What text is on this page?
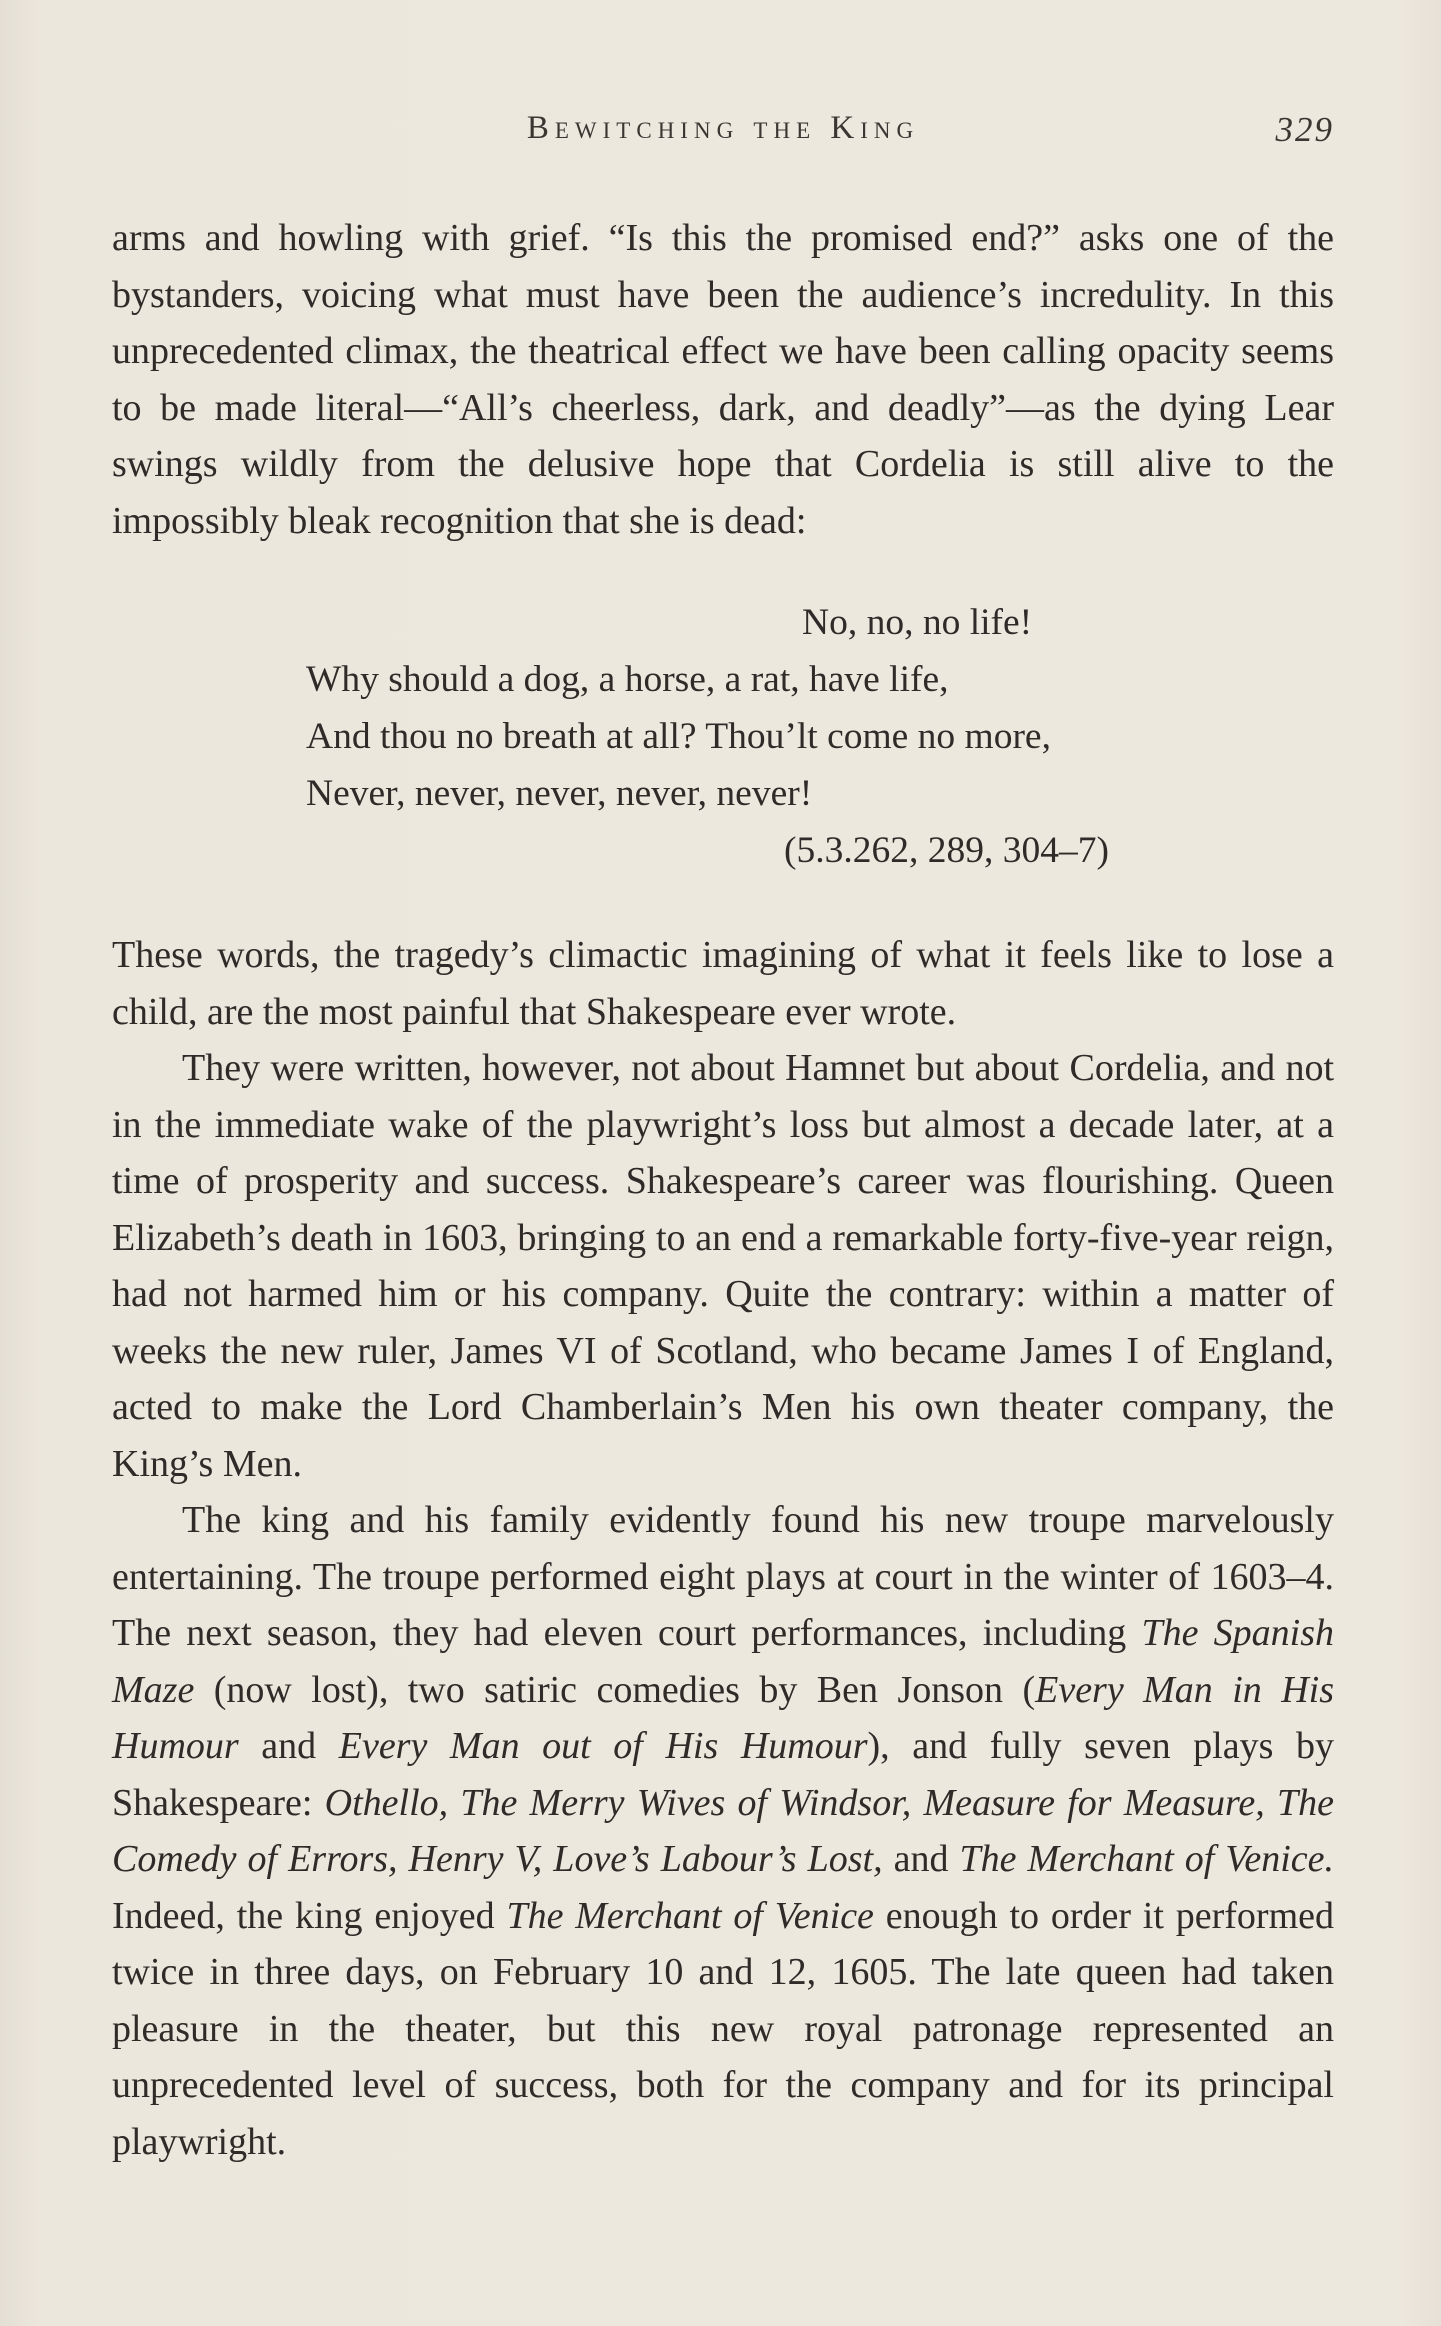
Bewitching the King	329

arms and howling with grief. “Is this the promised end?” asks one of the bystanders, voicing what must have been the audience’s incredulity. In this unprecedented climax, the theatrical effect we have been calling opacity seems to be made literal—“All’s cheerless, dark, and deadly”—as the dying Lear swings wildly from the delusive hope that Cordelia is still alive to the impossibly bleak recognition that she is dead:

No, no, no life!
Why should a dog, a horse, a rat, have life,
And thou no breath at all? Thou’lt come no more,
Never, never, never, never, never!
(5.3.262, 289, 304–7)

These words, the tragedy’s climactic imagining of what it feels like to lose a child, are the most painful that Shakespeare ever wrote.

They were written, however, not about Hamnet but about Cordelia, and not in the immediate wake of the playwright’s loss but almost a decade later, at a time of prosperity and success. Shakespeare’s career was flourishing. Queen Elizabeth’s death in 1603, bringing to an end a remarkable forty-five-year reign, had not harmed him or his company. Quite the contrary: within a matter of weeks the new ruler, James VI of Scotland, who became James I of England, acted to make the Lord Chamberlain’s Men his own theater company, the King’s Men.

The king and his family evidently found his new troupe marvelously entertaining. The troupe performed eight plays at court in the winter of 1603–4. The next season, they had eleven court performances, including The Spanish Maze (now lost), two satiric comedies by Ben Jonson (Every Man in His Humour and Every Man out of His Humour), and fully seven plays by Shakespeare: Othello, The Merry Wives of Windsor, Measure for Measure, The Comedy of Errors, Henry V, Love’s Labour’s Lost, and The Merchant of Venice. Indeed, the king enjoyed The Merchant of Venice enough to order it performed twice in three days, on February 10 and 12, 1605. The late queen had taken pleasure in the theater, but this new royal patronage represented an unprecedented level of success, both for the company and for its principal playwright.
